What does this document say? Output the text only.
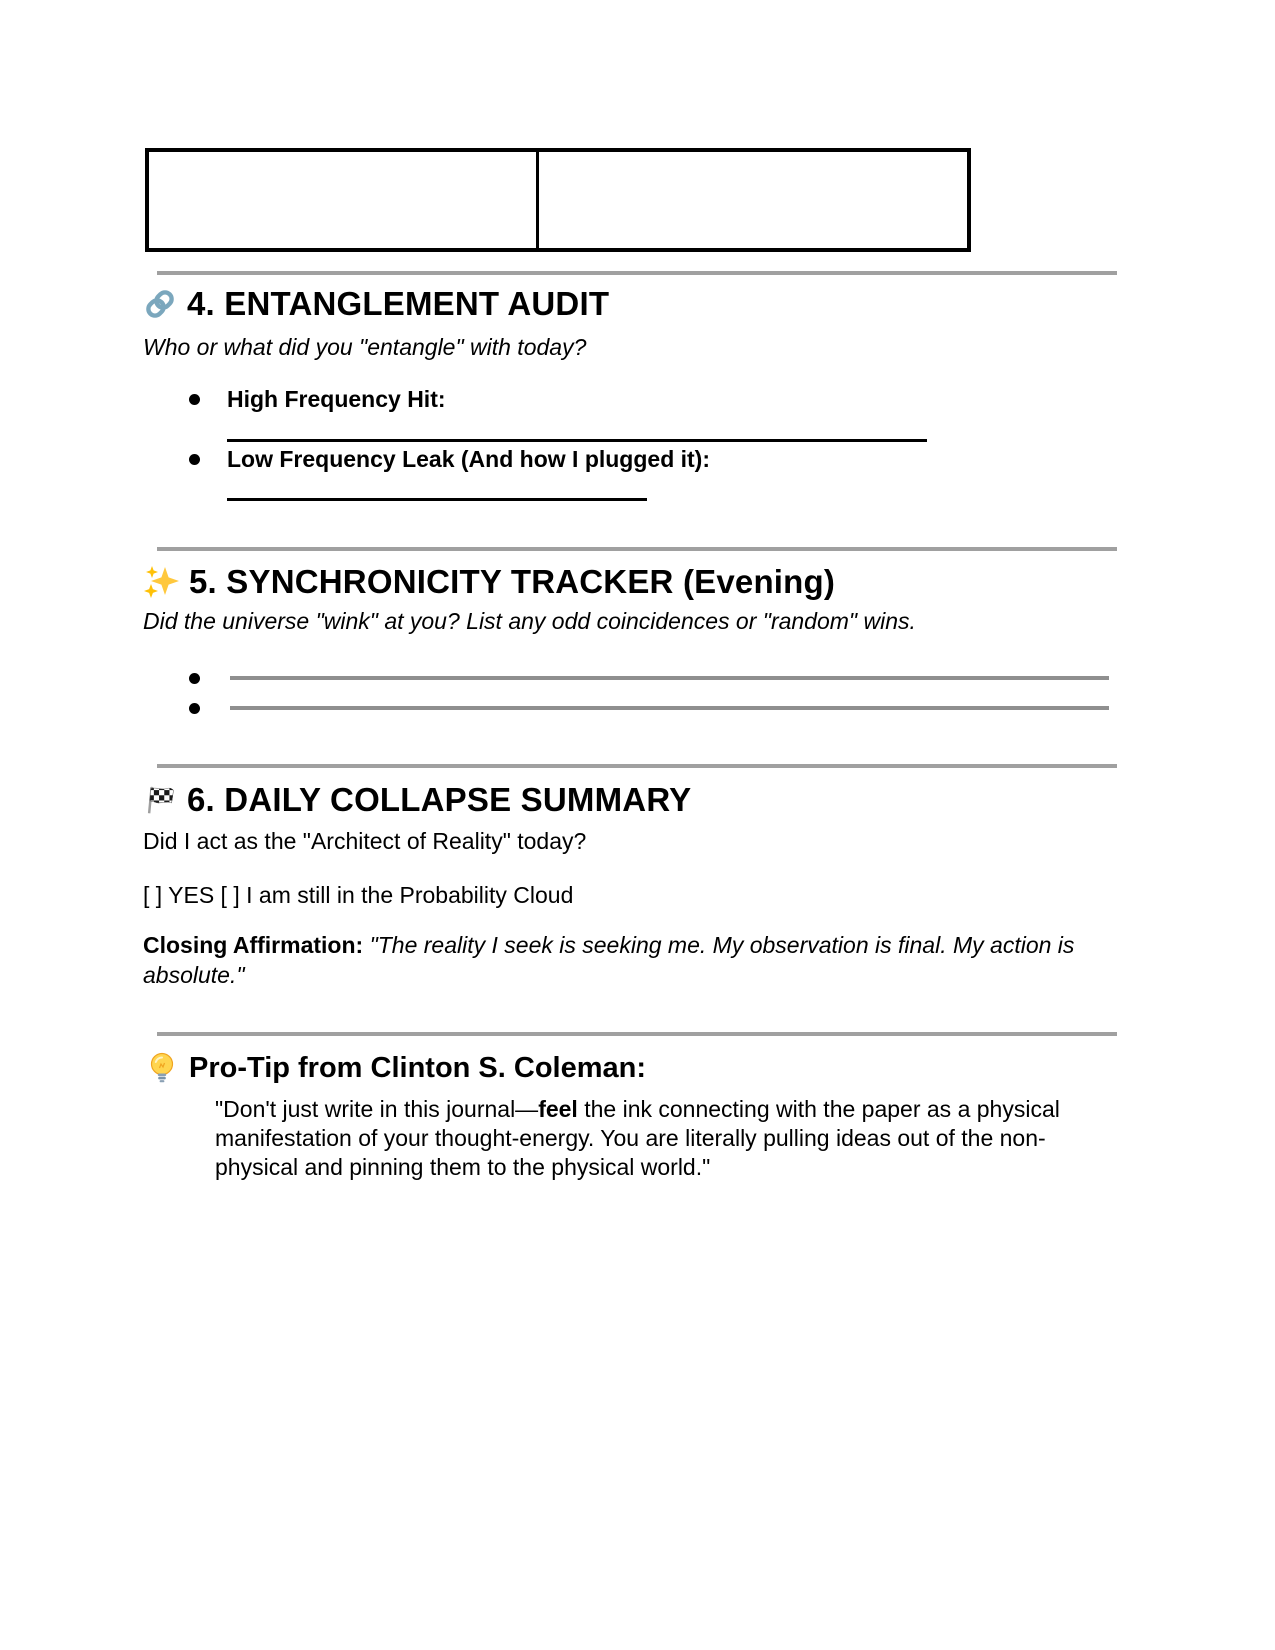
4. ENTANGLEMENT AUDIT

Who or what did you "entangle" with today?

High Frequency Hit:
Low Frequency Leak (And how I plugged it):
5. SYNCHRONICITY TRACKER (Evening)

Did the universe "wink" at you? List any odd coincidences or "random" wins.

6. DAILY COLLAPSE SUMMARY

Did I act as the "Architect of Reality" today?

[ ] YES [ ] I am still in the Probability Cloud

Closing Affirmation: "The reality I seek is seeking me. My observation is final. My action is absolute."

Pro-Tip from Clinton S. Coleman:

"Don't just write in this journal—feel the ink connecting with the paper as a physical manifestation of your thought-energy. You are literally pulling ideas out of the non-physical and pinning them to the physical world."
